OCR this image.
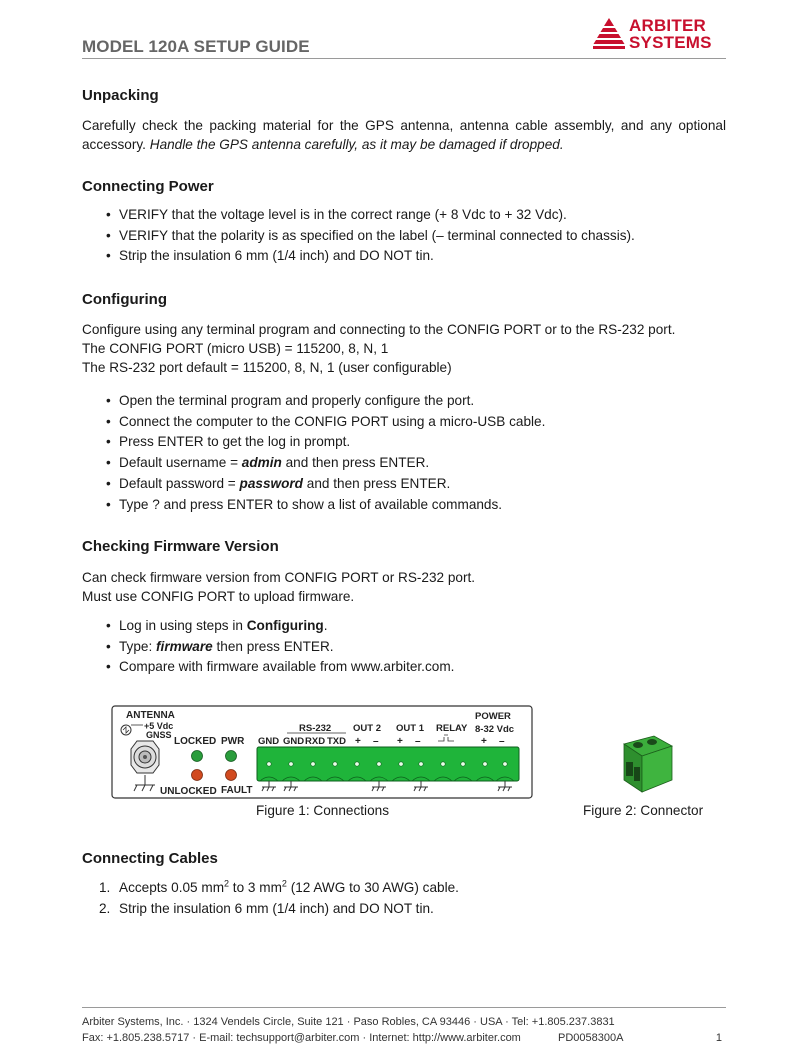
MODEL 120A SETUP GUIDE
ARBITER
SYSTEMS
Unpacking

Carefully check the packing material for the GPS antenna, antenna cable assembly, and any optional accessory. Handle the GPS antenna carefully, as it may be damaged if dropped.

Connecting Power
• VERIFY that the voltage level is in the correct range (+ 8 Vdc to + 32 Vdc).
• VERIFY that the polarity is as specified on the label (– terminal connected to chassis).
• Strip the insulation 6 mm (1/4 inch) and DO NOT tin.
Configuring
Configure using any terminal program and connecting to the CONFIG PORT or to the RS-232 port.
The CONFIG PORT (micro USB) = 115200, 8, N, 1
The RS-232 port default = 115200, 8, N, 1 (user configurable)
• Open the terminal program and properly configure the port.
• Connect the computer to the CONFIG PORT using a micro-USB cable.
• Press ENTER to get the log in prompt.
• Default username = admin and then press ENTER.
• Default password = password and then press ENTER.
• Type ? and press ENTER to show a list of available commands.
Checking Firmware Version
Can check firmware version from CONFIG PORT or RS-232 port.
Must use CONFIG PORT to upload firmware.
• Log in using steps in Configuring.
• Type: firmware then press ENTER.
• Compare with firmware available from www.arbiter.com.
ANTENNA
+5 Vdc
GNSS
LOCKED PWR
UNLOCKED FAULT
RS-232
GND GND RXD TXD
OUT 2
+ –
OUT 1
+ –
RELAY
POWER
8-32 Vdc
+ –
Figure 1: Connections	Figure 2: Connector
Connecting Cables
1. Accepts 0.05 $mm^2$ to 3 $mm^2$ (12 AWG to 30 AWG) cable.
2. Strip the insulation 6 mm (1/4 inch) and DO NOT tin.
Arbiter Systems, Inc. · 1324 Vendels Circle, Suite 121 · Paso Robles, CA 93446 · USA · Tel: +1.805.237.3831
Fax: +1.805.238.5717 · E-mail: techsupport@arbiter.com · Internet: http://www.arbiter.com	PD0058300A	1
